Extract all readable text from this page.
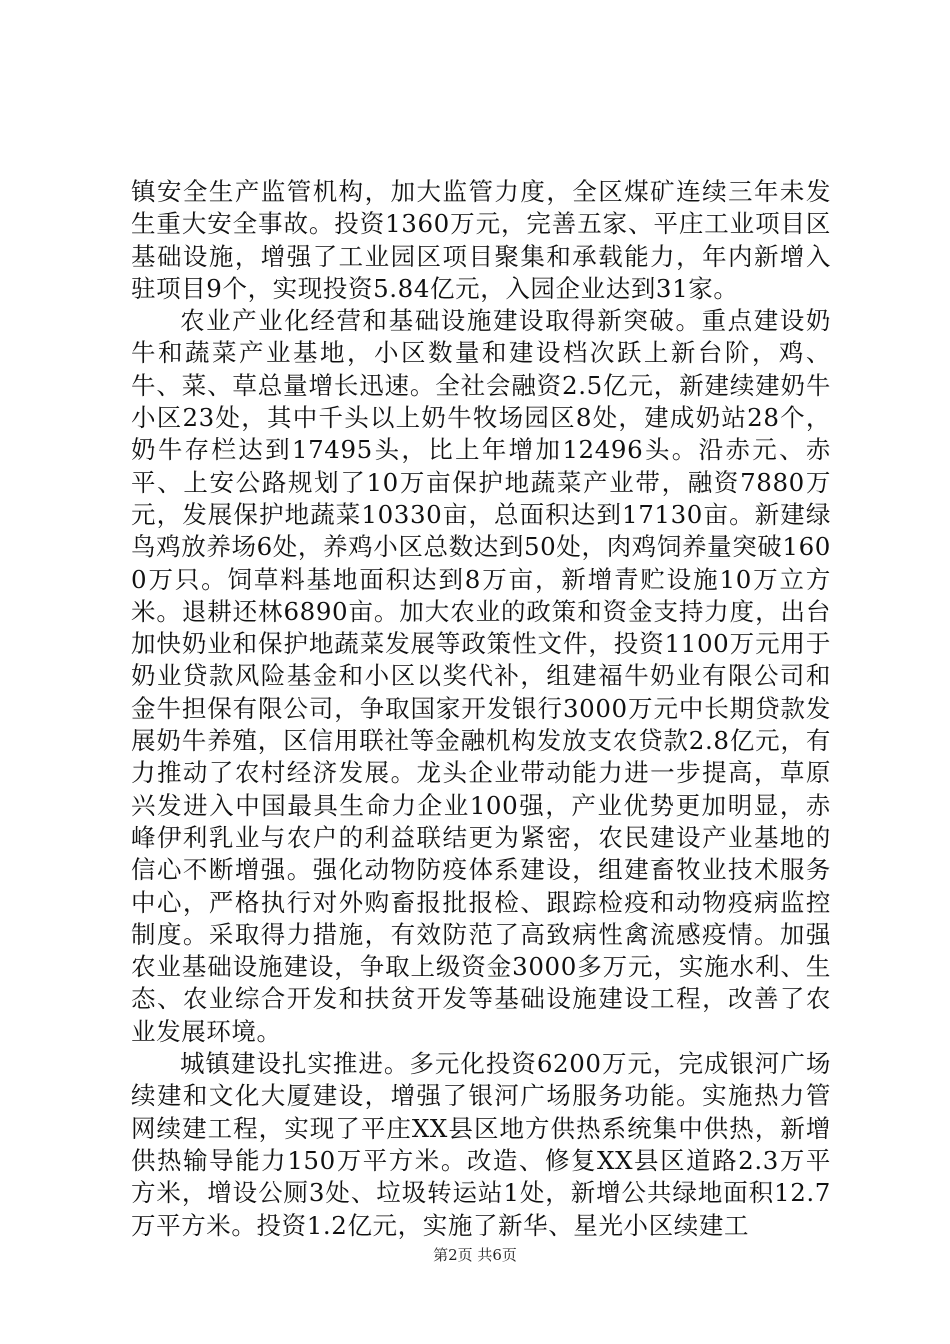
镇安全生产监管机构，加大监管力度，全区煤矿连续三年未发生重大安全事故。投资1360万元，完善五家、平庄工业项目区基础设施，增强了工业园区项目聚集和承载能力，年内新增入驻项目9个，实现投资5.84亿元，入园企业达到31家。

农业产业化经营和基础设施建设取得新突破。重点建设奶牛和蔬菜产业基地，小区数量和建设档次跃上新台阶，鸡、牛、菜、草总量增长迅速。全社会融资2.5亿元，新建续建奶牛小区23处，其中千头以上奶牛牧场园区8处，建成奶站28个，奶牛存栏达到17495头，比上年增加12496头。沿赤元、赤平、上安公路规划了10万亩保护地蔬菜产业带，融资7880万元，发展保护地蔬菜10330亩，总面积达到17130亩。新建绿鸟鸡放养场6处，养鸡小区总数达到50处，肉鸡饲养量突破1600万只。饲草料基地面积达到8万亩，新增青贮设施10万立方米。退耕还林6890亩。加大农业的政策和资金支持力度，出台加快奶业和保护地蔬菜发展等政策性文件，投资1100万元用于奶业贷款风险基金和小区以奖代补，组建福牛奶业有限公司和金牛担保有限公司，争取国家开发银行3000万元中长期贷款发展奶牛养殖，区信用联社等金融机构发放支农贷款2.8亿元，有力推动了农村经济发展。龙头企业带动能力进一步提高，草原兴发进入中国最具生命力企业100强，产业优势更加明显，赤峰伊利乳业与农户的利益联结更为紧密，农民建设产业基地的信心不断增强。强化动物防疫体系建设，组建畜牧业技术服务中心，严格执行对外购畜报批报检、跟踪检疫和动物疫病监控制度。采取得力措施，有效防范了高致病性禽流感疫情。加强农业基础设施建设，争取上级资金3000多万元，实施水利、生态、农业综合开发和扶贫开发等基础设施建设工程，改善了农业发展环境。

城镇建设扎实推进。多元化投资6200万元，完成银河广场续建和文化大厦建设，增强了银河广场服务功能。实施热力管网续建工程，实现了平庄XX县区地方供热系统集中供热，新增供热输导能力150万平方米。改造、修复XX县区道路2.3万平方米，增设公厕3处、垃圾转运站1处，新增公共绿地面积12.7万平方米。投资1.2亿元，实施了新华、星光小区续建工

第2页 共6页
